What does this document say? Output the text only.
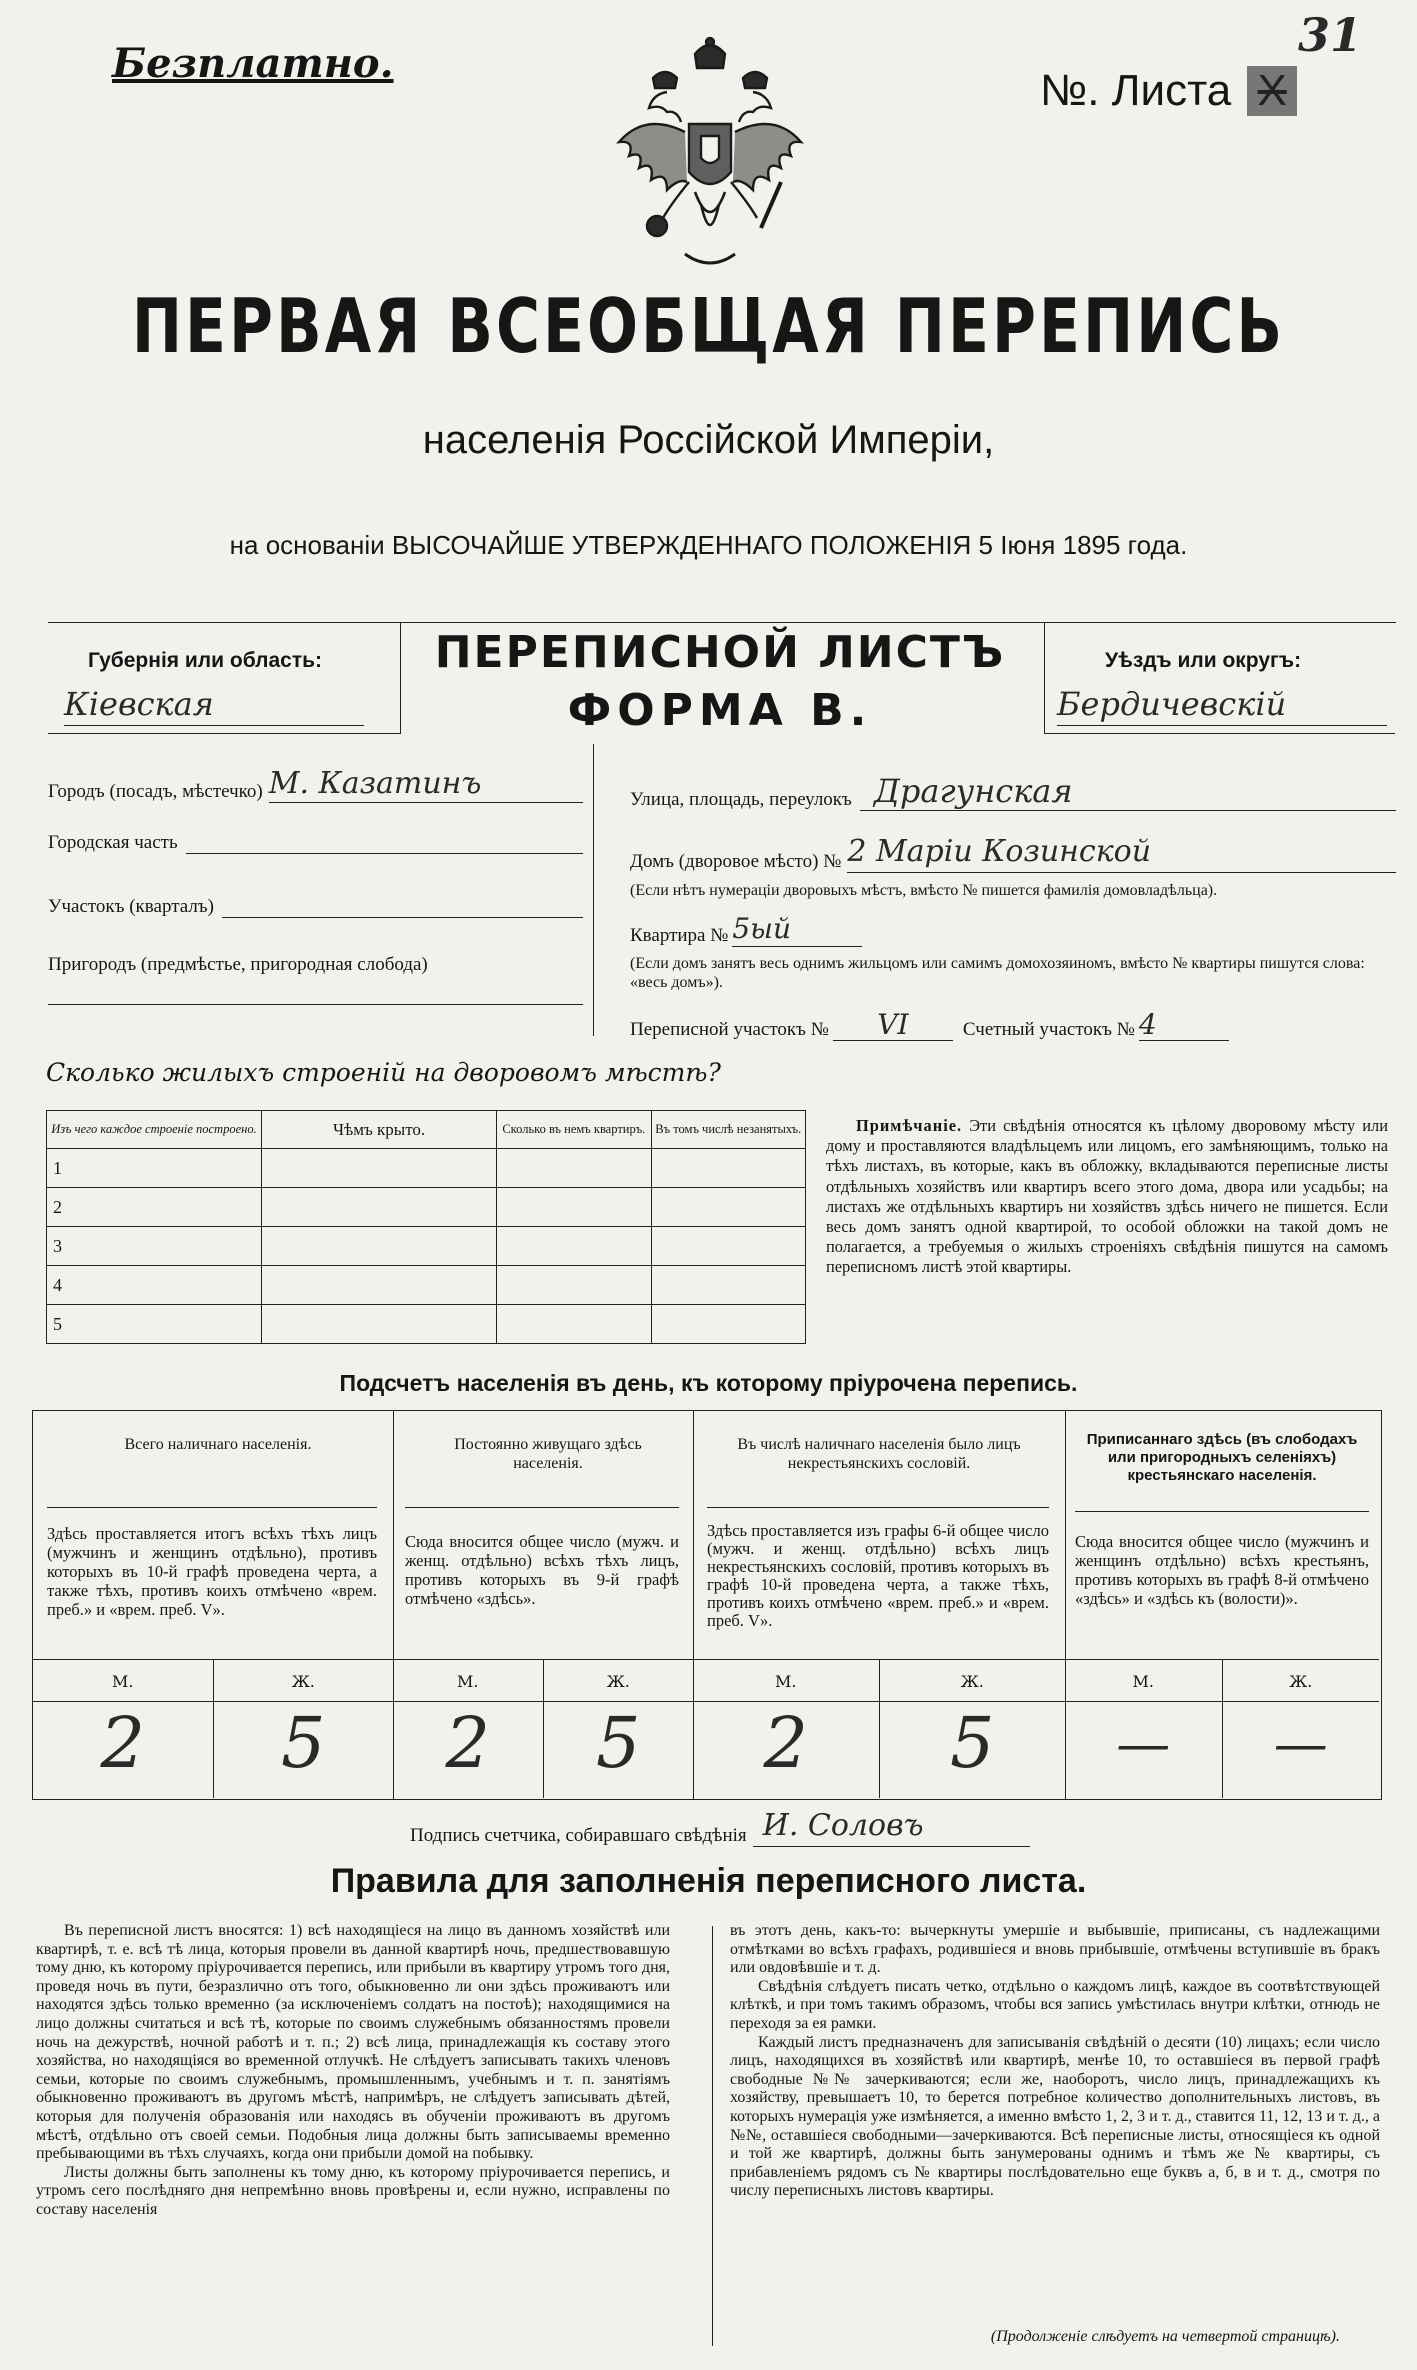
Безплатно.
№. Листа X
31
ПЕРВАЯ ВСЕОБЩАЯ ПЕРЕПИСЬ
населенія Россійской Имперіи,
на основаніи ВЫСОЧАЙШЕ УТВЕРЖДЕННАГО ПОЛОЖЕНІЯ 5 Іюня 1895 года.
Губернія или область:
Кіевская
ПЕРЕПИСНОЙ ЛИСТЪ
ФОРМА В.
Уѣздъ или округъ:
Бердичевскій
Городъ (посадъ, мѣстечко) М. Казатинъ
Городская часть
Участокъ (кварталъ)
Пригородъ (предмѣстье, пригородная слобода)
Улица, площадь, переулокъ Драгунская
Домъ (дворовое мѣсто) № 2 Маріи Козинской
(Если нѣтъ нумераціи дворовыхъ мѣстъ, вмѣсто № пишется фамилія домовладѣльца).
Квартира № 5ый
(Если домъ занятъ весь однимъ жильцомъ или самимъ домохозяиномъ, вмѣсто № квартиры пишутся слова: «весь домъ»).
Переписной участокъ №	VI	Счетный участокъ № 4
Сколько жилыхъ строеній на дворовомъ мѣстѣ?
Изъ чего каждое строеніе построено.	Чѣмъ крыто.	Сколько въ немъ квартиръ.	Въ томъ числѣ незанятыхъ.
1			
2			
3			
4			
5			
Примѣчаніе. Эти свѣдѣнія относятся къ цѣлому дворовому мѣсту или дому и проставляются владѣльцемъ или лицомъ, его замѣняющимъ, только на тѣхъ листахъ, въ которые, какъ въ обложку, вкладываются переписные листы отдѣльныхъ хозяйствъ или квартиръ всего этого дома, двора или усадьбы; на листахъ же отдѣльныхъ квартиръ ни хозяйствъ здѣсь ничего не пишется. Если весь домъ занятъ одной квартирой, то особой обложки на такой домъ не полагается, а требуемыя о жилыхъ строеніяхъ свѣдѣнія пишутся на самомъ переписномъ листѣ этой квартиры.
Подсчетъ населенія въ день, къ которому пріурочена перепись.
Всего наличнаго населенія.
Здѣсь проставляется итогъ всѣхъ тѣхъ лицъ (мужчинъ и женщинъ отдѣльно), противъ которыхъ въ 10-й графѣ проведена черта, а также тѣхъ, противъ коихъ отмѣчено «врем. преб.» и «врем. преб. V».
М.	Ж.
2	5
Постоянно живущаго здѣсь населенія.
Сюда вносится общее число (мужч. и женщ. отдѣльно) всѣхъ тѣхъ лицъ, противъ которыхъ въ 9-й графѣ отмѣчено «здѣсь».
М.	Ж.
2	5
Въ числѣ наличнаго населенія было лицъ некрестьянскихъ сословій.
Здѣсь проставляется изъ графы 6-й общее число (мужч. и женщ. отдѣльно) всѣхъ лицъ некрестьянскихъ сословій, противъ которыхъ въ графѣ 10-й проведена черта, а также тѣхъ, противъ коихъ отмѣчено «врем. преб.» и «врем. преб. V».
М.	Ж.
2	5
Приписаннаго здѣсь (въ слободахъ или пригородныхъ селеніяхъ) крестьянскаго населенія.
Сюда вносится общее число (мужчинъ и женщинъ отдѣльно) всѣхъ крестьянъ, противъ которыхъ въ графѣ 8-й отмѣчено «здѣсь» и «здѣсь къ (волости)».
М.	Ж.
—	—
Подпись счетчика, собиравшаго свѣдѣнія И. Соловъ
Правила для заполненія переписного листа.

Въ переписной листъ вносятся: 1) всѣ находящіеся на лицо въ данномъ хозяйствѣ или квартирѣ, т. е. всѣ тѣ лица, которыя провели въ данной квартирѣ ночь, предшествовавшую тому дню, къ которому пріурочивается перепись, или прибыли въ квартиру утромъ того дня, проведя ночь въ пути, безразлично отъ того, обыкновенно ли они здѣсь проживаютъ или находятся здѣсь только временно (за исключеніемъ солдатъ на постоѣ); находящимися на лицо должны считаться и всѣ тѣ, которые по своимъ служебнымъ обязанностямъ провели ночь на дежурствѣ, ночной работѣ и т. п.; 2) всѣ лица, принадлежащія къ составу этого хозяйства, но находящіяся во временной отлучкѣ. Не слѣдуетъ записывать такихъ членовъ семьи, которые по своимъ служебнымъ, промышленнымъ, учебнымъ и т. п. занятіямъ обыкновенно проживаютъ въ другомъ мѣстѣ, напримѣръ, не слѣдуетъ записывать дѣтей, которыя для полученія образованія или находясь въ обученіи проживаютъ въ другомъ мѣстѣ, отдѣльно отъ своей семьи. Подобныя лица должны быть записываемы временно пребывающими въ тѣхъ случаяхъ, когда они прибыли домой на побывку.

Листы должны быть заполнены къ тому дню, къ которому пріурочивается перепись, и утромъ сего послѣдняго дня непремѣнно вновь провѣрены и, если нужно, исправлены по составу населенія

въ этотъ день, какъ-то: вычеркнуты умершіе и выбывшіе, приписаны, съ надлежащими отмѣтками во всѣхъ графахъ, родившіеся и вновь прибывшіе, отмѣчены вступившіе въ бракъ или овдовѣвшіе и т. д.

Свѣдѣнія слѣдуетъ писать четко, отдѣльно о каждомъ лицѣ, каждое въ соотвѣтствующей клѣткѣ, и при томъ такимъ образомъ, чтобы вся запись умѣстилась внутри клѣтки, отнюдь не переходя за ея рамки.

Каждый листъ предназначенъ для записыванія свѣдѣній о десяти (10) лицахъ; если число лицъ, находящихся въ хозяйствѣ или квартирѣ, менѣе 10, то оставшіеся въ первой графѣ свободные №№ зачеркиваются; если же, наоборотъ, число лицъ, принадлежащихъ къ хозяйству, превышаетъ 10, то берется потребное количество дополнительныхъ листовъ, въ которыхъ нумерація уже измѣняется, а именно вмѣсто 1, 2, 3 и т. д., ставится 11, 12, 13 и т. д., а №№, оставшіеся свободными—зачеркиваются. Всѣ переписные листы, относящіеся къ одной и той же квартирѣ, должны быть занумерованы однимъ и тѣмъ же № квартиры, съ прибавленіемъ рядомъ съ № квартиры послѣдовательно еще буквъ а, б, в и т. д., смотря по числу переписныхъ листовъ квартиры.

(Продолженіе слѣдуетъ на четвертой страницѣ).
